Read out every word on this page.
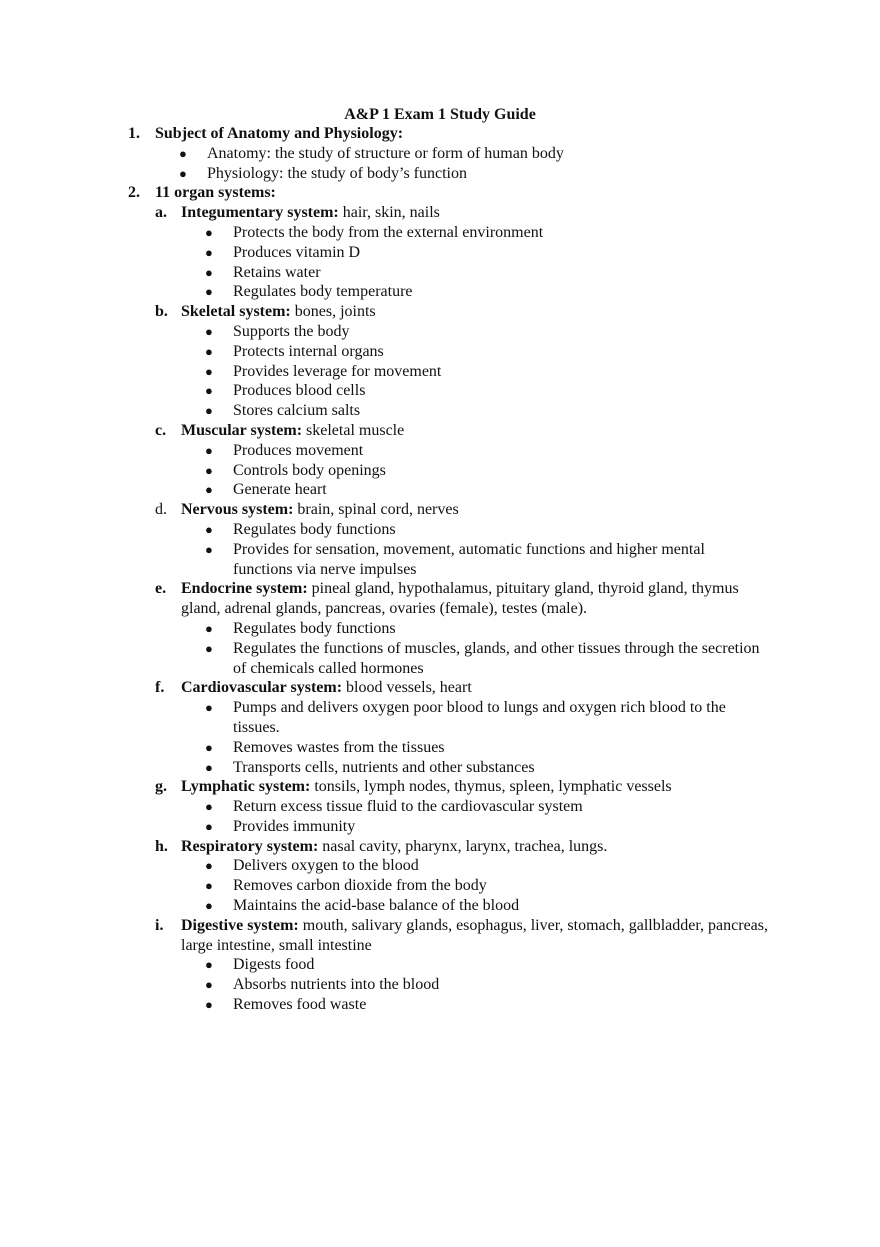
A&P 1 Exam 1 Study Guide
1. Subject of Anatomy and Physiology:
● Anatomy: the study of structure or form of human body
● Physiology: the study of body’s function
2. 11 organ systems:
a. Integumentary system: hair, skin, nails
● Protects the body from the external environment
● Produces vitamin D
● Retains water
● Regulates body temperature
b. Skeletal system: bones, joints
● Supports the body
● Protects internal organs
● Provides leverage for movement
● Produces blood cells
● Stores calcium salts
c. Muscular system: skeletal muscle
● Produces movement
● Controls body openings
● Generate heart
d. Nervous system: brain, spinal cord, nerves
● Regulates body functions
● Provides for sensation, movement, automatic functions and higher mental functions via nerve impulses
e. Endocrine system: pineal gland, hypothalamus, pituitary gland, thyroid gland, thymus gland, adrenal glands, pancreas, ovaries (female), testes (male).
● Regulates body functions
● Regulates the functions of muscles, glands, and other tissues through the secretion of chemicals called hormones
f. Cardiovascular system: blood vessels, heart
● Pumps and delivers oxygen poor blood to lungs and oxygen rich blood to the tissues.
● Removes wastes from the tissues
● Transports cells, nutrients and other substances
g. Lymphatic system: tonsils, lymph nodes, thymus, spleen, lymphatic vessels
● Return excess tissue fluid to the cardiovascular system
● Provides immunity
h. Respiratory system: nasal cavity, pharynx, larynx, trachea, lungs.
● Delivers oxygen to the blood
● Removes carbon dioxide from the body
● Maintains the acid-base balance of the blood
i. Digestive system: mouth, salivary glands, esophagus, liver, stomach, gallbladder, pancreas, large intestine, small intestine
● Digests food
● Absorbs nutrients into the blood
● Removes food waste
